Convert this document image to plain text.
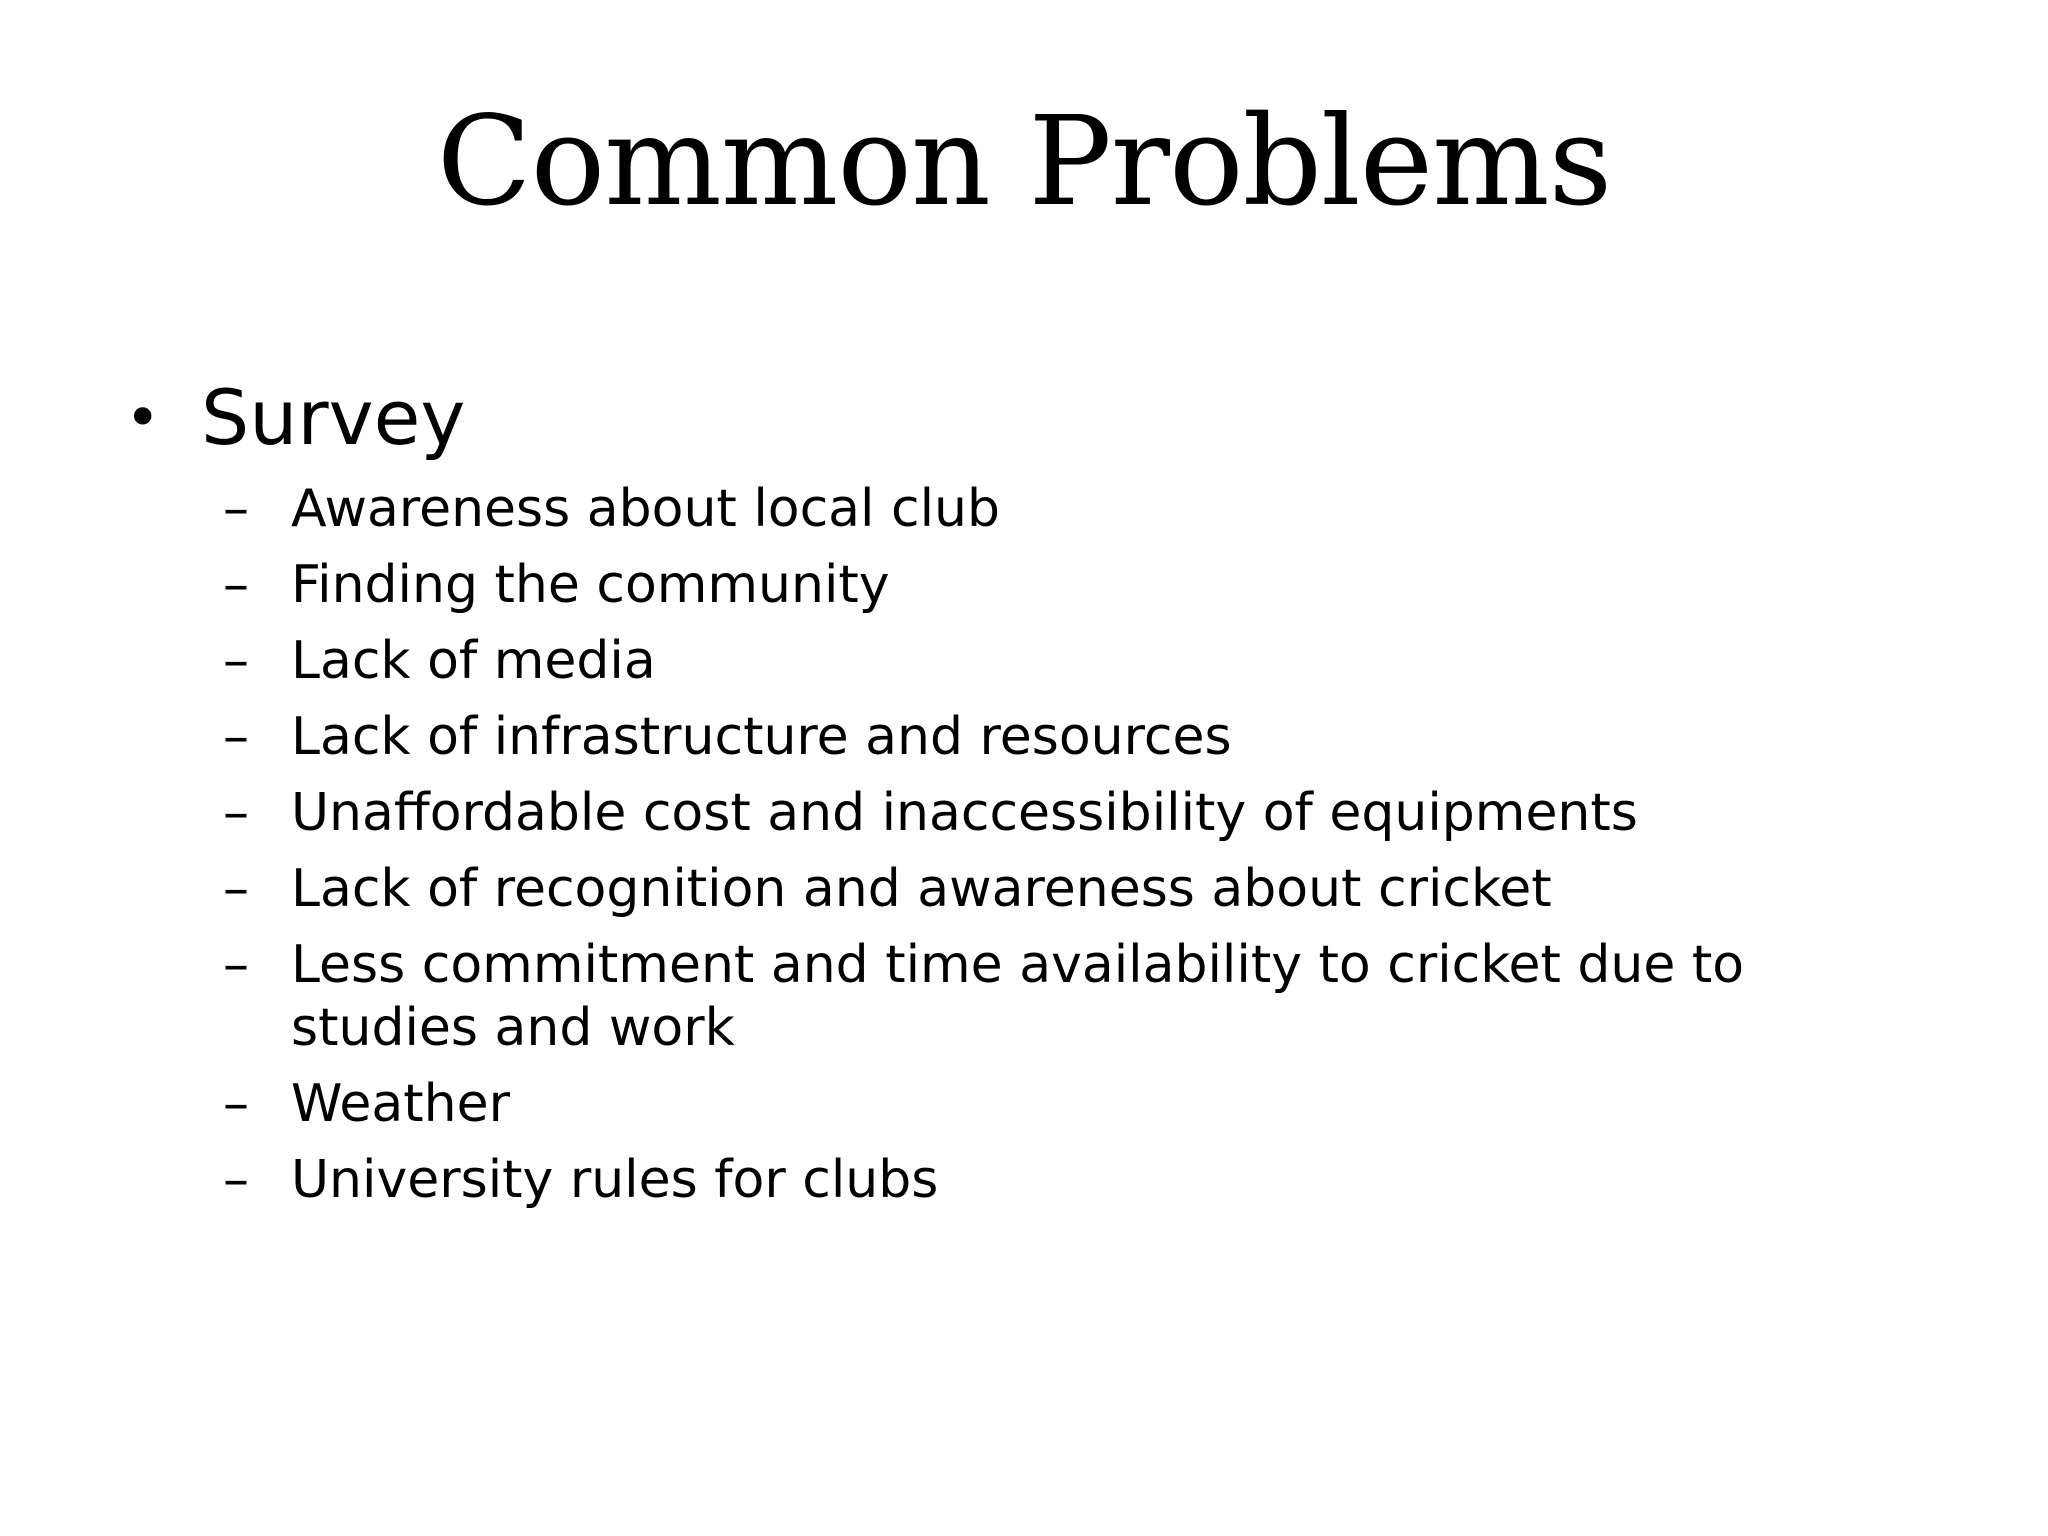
Common Problems
• Survey
– Awareness about local club
– Finding the community
– Lack of media
– Lack of infrastructure and resources
– Unaffordable cost and inaccessibility of equipments
– Lack of recognition and awareness about cricket
– Less commitment and time availability to cricket due to studies and work
– Weather
– University rules for clubs
